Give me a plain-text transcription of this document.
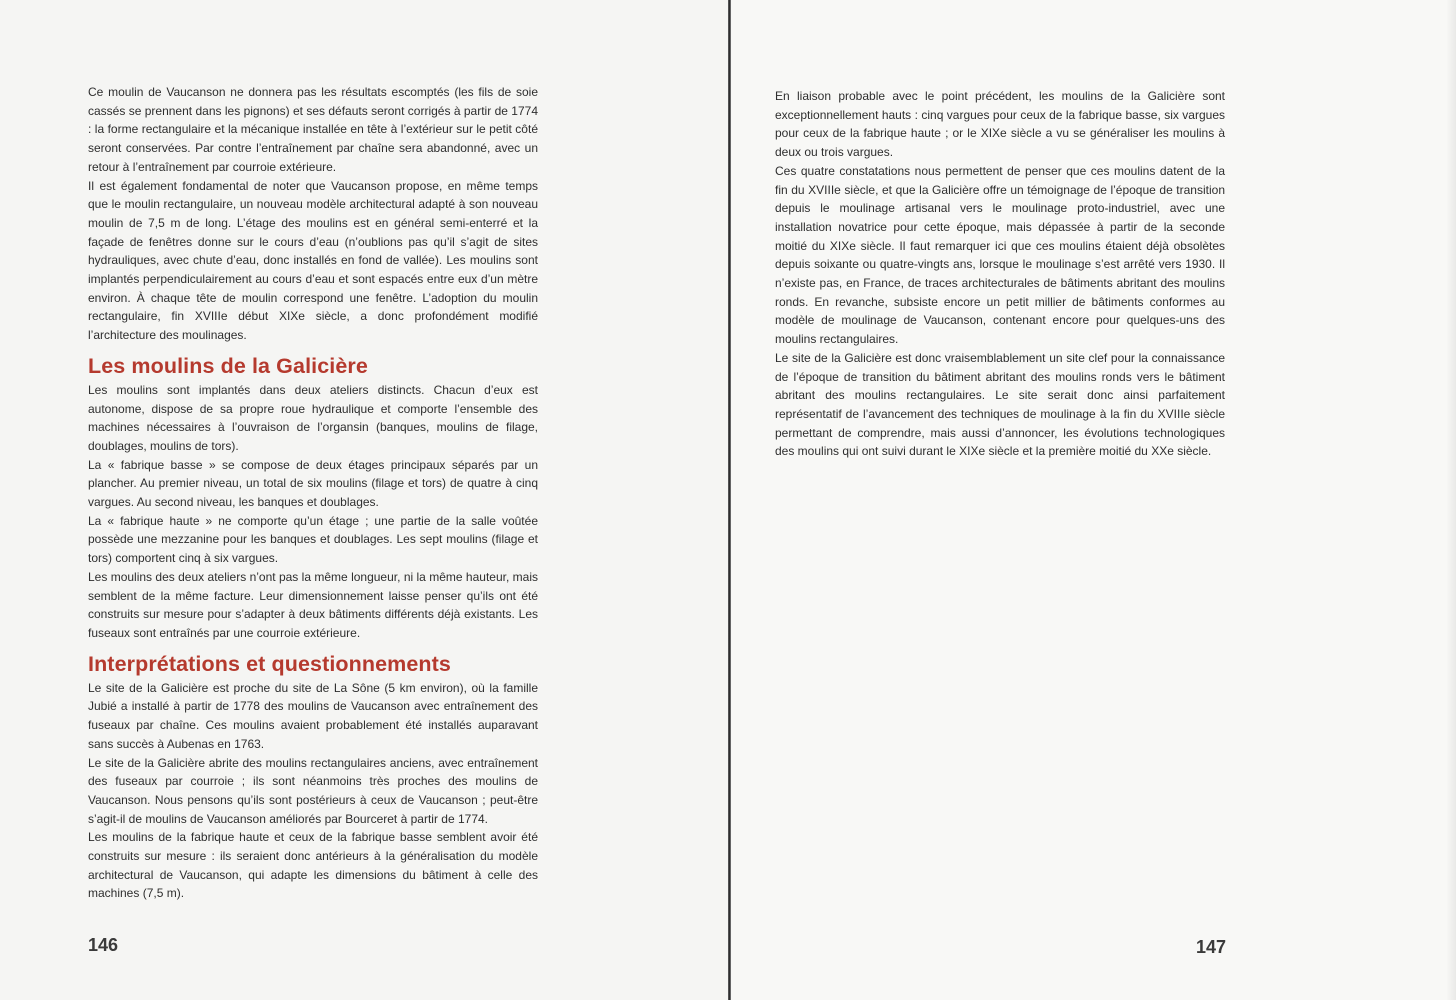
Ce moulin de Vaucanson ne donnera pas les résultats escomptés (les fils de soie cassés se prennent dans les pignons) et ses défauts seront corrigés à partir de 1774 : la forme rectangulaire et la mécanique installée en tête à l’extérieur sur le petit côté seront conservées. Par contre l’entraînement par chaîne sera abandonné, avec un retour à l’entraînement par courroie extérieure.

Il est également fondamental de noter que Vaucanson propose, en même temps que le moulin rectangulaire, un nouveau modèle architectural adapté à son nouveau moulin de 7,5 m de long. L’étage des moulins est en général semi-enterré et la façade de fenêtres donne sur le cours d’eau (n’oublions pas qu’il s’agit de sites hydrauliques, avec chute d’eau, donc installés en fond de vallée). Les moulins sont implantés perpendiculairement au cours d’eau et sont espacés entre eux d’un mètre environ. À chaque tête de moulin correspond une fenêtre. L’adoption du moulin rectangulaire, fin XVIIIe début XIXe siècle, a donc profondément modifié l’architecture des moulinages.

Les moulins de la Galicière

Les moulins sont implantés dans deux ateliers distincts. Chacun d’eux est autonome, dispose de sa propre roue hydraulique et comporte l’ensemble des machines nécessaires à l’ouvraison de l’organsin (banques, moulins de filage, doublages, moulins de tors).

La « fabrique basse » se compose de deux étages principaux séparés par un plancher. Au premier niveau, un total de six moulins (filage et tors) de quatre à cinq vargues. Au second niveau, les banques et doublages.

La « fabrique haute » ne comporte qu’un étage ; une partie de la salle voûtée possède une mezzanine pour les banques et doublages. Les sept moulins (filage et tors) comportent cinq à six vargues.

Les moulins des deux ateliers n’ont pas la même longueur, ni la même hauteur, mais semblent de la même facture. Leur dimensionnement laisse penser qu’ils ont été construits sur mesure pour s’adapter à deux bâtiments différents déjà existants. Les fuseaux sont entraînés par une courroie extérieure.

Interprétations et questionnements

Le site de la Galicière est proche du site de La Sône (5 km environ), où la famille Jubié a installé à partir de 1778 des moulins de Vaucanson avec entraînement des fuseaux par chaîne. Ces moulins avaient probablement été installés auparavant sans succès à Aubenas en 1763.

Le site de la Galicière abrite des moulins rectangulaires anciens, avec entraînement des fuseaux par courroie ; ils sont néanmoins très proches des moulins de Vaucanson. Nous pensons qu’ils sont postérieurs à ceux de Vaucanson ; peut-être s’agit-il de moulins de Vaucanson améliorés par Bourceret à partir de 1774.

Les moulins de la fabrique haute et ceux de la fabrique basse semblent avoir été construits sur mesure : ils seraient donc antérieurs à la généralisation du modèle architectural de Vaucanson, qui adapte les dimensions du bâtiment à celle des machines (7,5 m).

146

En liaison probable avec le point précédent, les moulins de la Galicière sont exceptionnellement hauts : cinq vargues pour ceux de la fabrique basse, six vargues pour ceux de la fabrique haute ; or le XIXe siècle a vu se généraliser les moulins à deux ou trois vargues.

Ces quatre constatations nous permettent de penser que ces moulins datent de la fin du XVIIIe siècle, et que la Galicière offre un témoignage de l’époque de transition depuis le moulinage artisanal vers le moulinage proto-industriel, avec une installation novatrice pour cette époque, mais dépassée à partir de la seconde moitié du XIXe siècle. Il faut remarquer ici que ces moulins étaient déjà obsolètes depuis soixante ou quatre-vingts ans, lorsque le moulinage s’est arrêté vers 1930. Il n’existe pas, en France, de traces architecturales de bâtiments abritant des moulins ronds. En revanche, subsiste encore un petit millier de bâtiments conformes au modèle de moulinage de Vaucanson, contenant encore pour quelques-uns des moulins rectangulaires.

Le site de la Galicière est donc vraisemblablement un site clef pour la connaissance de l’époque de transition du bâtiment abritant des moulins ronds vers le bâtiment abritant des moulins rectangulaires. Le site serait donc ainsi parfaitement représentatif de l’avancement des techniques de moulinage à la fin du XVIIIe siècle permettant de comprendre, mais aussi d’annoncer, les évolutions technologiques des moulins qui ont suivi durant le XIXe siècle et la première moitié du XXe siècle.

147
